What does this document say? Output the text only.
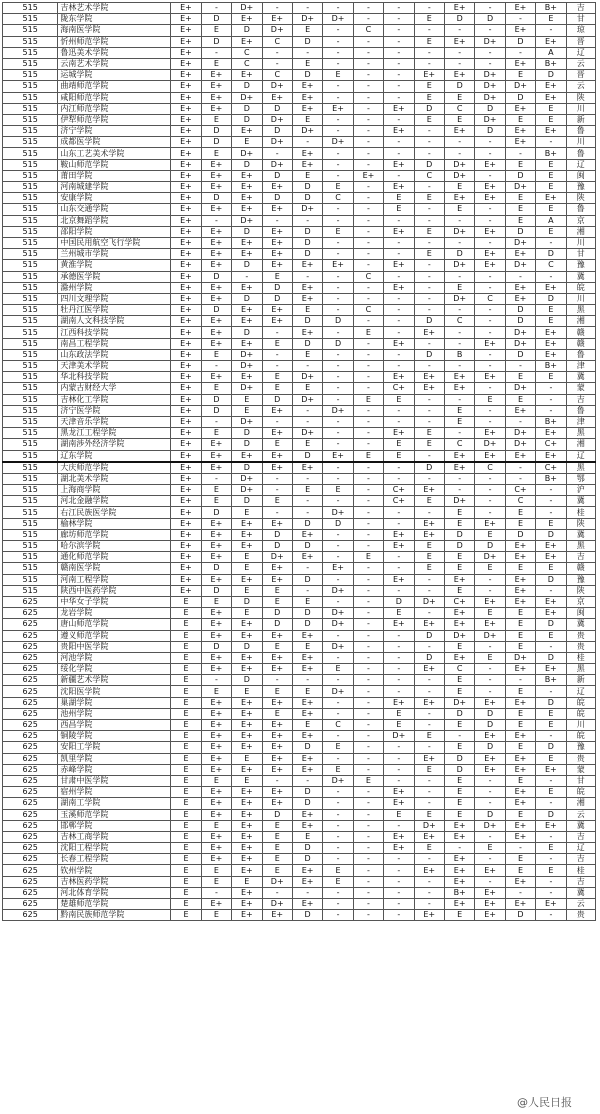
515	吉林艺术学院	E+	-	D+	-	-	-	-	-	-	E+	-	E+	B+	吉
515	陇东学院	E+	D	E+	E+	D+	D+	-	-	E	D	D	-	E	甘
515	海南医学院	E+	E	D	D+	E	-	C	-	-	-	-	E+	-	琼
515	忻州师范学院	E+	D	E+	C	D	-	-	-	E	E+	D+	D	E+	晋
515	鲁迅美术学院	E+	-	C	-	-	-	-	-	-	-	-	-	A	辽
515	云南艺术学院	E+	E	C	-	E	-	-	-	-	-	-	E+	B+	云
515	运城学院	E+	E+	E+	C	D	E	-	-	E+	E+	D+	E	D	晋
515	曲靖师范学院	E+	E+	D	D+	E+	-	-	-	E	D	D+	D+	E+	云
515	咸阳师范学院	E+	E+	D+	E+	E+	-	-	-	E	E	D+	D	E+	陕
515	内江师范学院	E+	E+	D	D	E+	E+	-	E+	D	C	D	E+	E	川
515	伊犁师范学院	E+	E	D	D+	E	-	-	-	E	E	D+	E	E	新
515	济宁学院	E+	D	E+	D	D+	-	-	E+	-	E+	D	E+	E+	鲁
515	成都医学院	E+	D	E	D+	-	D+	-	-	-	-	-	E+	-	川
515	山东工艺美术学院	E+	E	D+	-	E+	-	-	-	-	-	-	-	B+	鲁
515	鞍山师范学院	E+	E+	D	D+	E+	-	-	E+	D	D+	E+	E	E	辽
515	莆田学院	E+	E+	E+	D	E	-	E+	-	C	D+	-	D	E	闽
515	河南城建学院	E+	E+	E+	E+	D	E	-	E+	-	E	E+	D+	E	豫
515	安康学院	E+	D	E+	D	D	C	-	E	E	E+	E+	E	E+	陕
515	山东交通学院	E+	E+	E+	E+	D+	-	-	E	-	E	-	E	E	鲁
515	北京舞蹈学院	E+	-	D+	-	-	-	-	-	-	-	-	E	A	京
515	邵阳学院	E+	E+	D	E+	D	E	-	E+	E	D+	E+	D	E	湘
515	中国民用航空飞行学院	E+	E+	E+	E+	D	-	-	-	-	-	-	D+	-	川
515	兰州城市学院	E+	E+	E+	E+	D	-	-	-	E	D	E+	E+	D	甘
515	黄淮学院	E+	E+	D	E+	E+	E+	-	E+	-	D+	E+	D+	C	豫
515	承德医学院	E+	D	-	E	-	-	C	-	-	-	-	-	-	冀
515	滁州学院	E+	E+	E+	D	E+	-	-	E+	-	E	-	E+	E+	皖
515	四川文理学院	E+	E+	D	D	E+	-	-	-	-	D+	C	E+	D	川
515	牡丹江医学院	E+	D	E+	E+	E	-	C	-	-	-	-	D	E	黑
515	湖南人文科技学院	E+	E+	E+	E+	D	D	-	-	D	C	-	D	E	湘
515	江西科技学院	E+	E+	D	-	E+	-	E	-	E+	-	-	D+	E+	赣
515	南昌工程学院	E+	E+	E+	E	D	D	-	E+	-	-	E+	D+	E+	赣
515	山东政法学院	E+	E	D+	-	E	-	-	-	D	B	-	D	E+	鲁
515	天津美术学院	E+	-	D+	-	-	-	-	-	-	-	-	-	B+	津
515	华北科技学院	E+	E+	E+	E	D+	-	-	E+	E+	E+	E+	E	E	冀
515	内蒙古财经大学	E+	E	D+	E	E	-	-	C+	E+	E+	-	D+	-	蒙
515	吉林化工学院	E+	D	E	D	D+	-	E	E	-	-	E	E	-	吉
515	济宁医学院	E+	D	E	E+	-	D+	-	-	-	E	-	E+	-	鲁
515	天津音乐学院	E+	-	D+	-	-	-	-	-	-	E	-	-	B+	津
515	黑龙江工程学院	E+	E	D	E+	D+	-	-	E+	E	-	E+	D+	E+	黑
515	湖南涉外经济学院	E+	E+	D	E	E	-	-	E	E	C	D+	D+	C+	湘
515	辽东学院	E+	E+	E+	E+	D	E+	E	E	-	E+	E+	E+	E+	辽
515	大庆师范学院	E+	E+	D	E+	E+	-	-	-	D	E+	C	-	C+	黑
515	湖北美术学院	E+	-	D+	-	-	-	-	-	-	-	-	-	B+	鄂
515	上海商学院	E+	E	D+	-	E	E	-	C+	E+	-	-	C+	-	沪
515	河北金融学院	E+	E	D	E	-	-	-	C+	E	D+	-	C	-	冀
515	右江民族医学院	E+	D	E	-	-	D+	-	-	-	E	-	E	-	桂
515	榆林学院	E+	E+	E+	E+	D	D	-	-	E+	E	E+	E	E	陕
515	廊坊师范学院	E+	E+	E+	D	E+	-	-	E+	E+	D	E	D	D	冀
515	哈尔滨学院	E+	E+	E+	D	D	-	-	E+	E	D	D	E+	E+	黑
515	通化师范学院	E+	E+	E	D+	E+	-	E	-	E	E	D+	E+	E+	吉
515	赣南医学院	E+	D	E	E+	-	E+	-	-	E	E	E	E	E	赣
515	河南工程学院	E+	E+	E+	E+	D	-	-	E+	-	E+	-	E+	D	豫
515	陕西中医药学院	E+	D	E	E	-	D+	-	-	-	E	-	E+	-	陕
625	中华女子学院	E	E	D	E	E	-	-	D	D+	C+	E+	E+	E+	京
625	龙岩学院	E	E+	E	D	D	D+	-	E	-	E+	E	E	E+	闽
625	唐山师范学院	E	E+	E+	D	D	D+	-	E+	E+	E+	E+	E	D	冀
625	遵义师范学院	E	E+	E+	E+	E+	-	-	-	D	D+	D+	E	E	贵
625	贵阳中医学院	E	D	D	E	E	D+	-	-	-	E	-	E	-	贵
625	河池学院	E	E+	E+	E+	E+	-	-	-	D	E+	E	D+	D	桂
625	绥化学院	E	E+	E+	E+	E+	E	-	-	E+	C	-	E+	E+	黑
625	新疆艺术学院	E	-	D	-	-	-	-	-	-	E	-	-	B+	新
625	沈阳医学院	E	E	E	E	E	D+	-	-	-	E	-	E	-	辽
625	巢湖学院	E	E+	E+	E+	E+	-	-	E+	E+	D+	E+	E+	D	皖
625	池州学院	E	E+	E+	E	E+	-	-	E	-	D	D	E	E	皖
625	西昌学院	E	E+	E+	E+	E	C	-	E	-	E	D	E	E	川
625	铜陵学院	E	E+	E+	E+	E+	-	-	D+	E	-	E+	E+	-	皖
625	安阳工学院	E	E+	E+	E+	D	E	-	-	-	E	D	E	D	豫
625	凯里学院	E	E+	E	E+	E+	-	-	-	E+	D	E+	E+	E	贵
625	赤峰学院	E	E+	E+	E+	E+	E	-	-	E	D	E+	E+	E+	蒙
625	甘肃中医学院	E	E	E	-	-	D+	E	-	-	E	-	E	-	甘
625	宿州学院	E	E+	E+	E+	D	-	-	E+	-	E	-	E+	E	皖
625	湖南工学院	E	E+	E+	E+	D	-	-	E+	-	E	-	E+	-	湘
625	玉溪师范学院	E	E+	E+	D	E+	-	-	E	E	E	D	E	D	云
625	邯郸学院	E	E	E+	E	E+	-	-	-	D+	E+	D+	E+	E+	冀
625	吉林工商学院	E	E+	E+	E	E	-	-	E+	E+	E+	-	E+	-	吉
625	沈阳工程学院	E	E+	E+	E	D	-	-	E+	E	-	E	-	E	辽
625	长春工程学院	E	E+	E+	E	D	-	-	-	-	E+	-	E	-	吉
625	钦州学院	E	E	E+	E	E+	E	-	-	E+	E+	E+	E	E	桂
625	吉林医药学院	E	E	E	D+	E+	E	-	-	-	E+	-	E+	-	吉
625	河北体育学院	E	-	E+	-	-	-	-	-	-	B+	E+	-	-	冀
625	楚雄师范学院	E	E+	E+	D+	E+	-	-	-	-	E+	E+	E+	E+	云
625	黔南民族师范学院	E	E	E+	E+	D	-	-	-	E+	E	E+	D	-	贵
@人民日报
